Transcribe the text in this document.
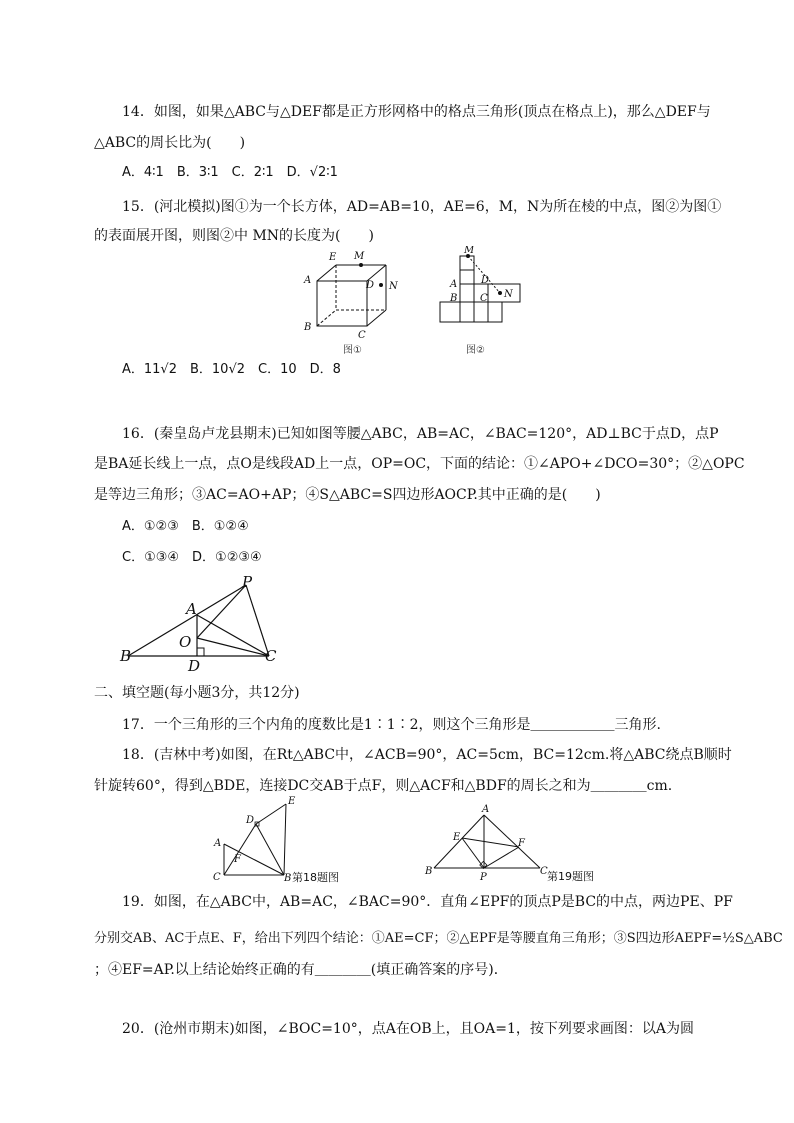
14．如图，如果△ABC与△DEF都是正方形网格中的格点三角形(顶点在格点上)，那么△DEF与
△ABC的周长比为(　　)
A．4∶1　B．3∶1　C．2∶1　D．√2∶1
15．(河北模拟)图①为一个长方体，AD=AB=10，AE=6，M，N为所在棱的中点，图②为图①
的表面展开图，则图②中 MN的长度为(　　)
E M
A	D N
B
C
图①
M
A D
B C N
图②
A．11√2　B．10√2　C．10　D．8
16．(秦皇岛卢龙县期末)已知如图等腰△ABC，AB=AC，∠BAC=120°，AD⊥BC于点D，点P
是BA延长线上一点，点O是线段AD上一点，OP=OC，下面的结论：①∠APO+∠DCO=30°；②△OPC
是等边三角形；③AC=AO+AP；④S△ABC=S四边形AOCP.其中正确的是(　　)
A．①②③　B．①②④
C．①③④　D．①②③④
P
A
O
B
D
C
二、填空题(每小题3分，共12分)
17．一个三角形的三个内角的度数比是1∶1∶2，则这个三角形是＿＿＿＿＿＿三角形.
18．(吉林中考)如图，在Rt△ABC中，∠ACB=90°，AC=5cm，BC=12cm.将△ABC绕点B顺时
针旋转60°，得到△BDE，连接DC交AB于点F，则△ACF和△BDF的周长之和为＿＿＿＿cm.
E
D
A
F
C	B 第18题图
A
E
F
B
P
C 第19题图
19．如图，在△ABC中，AB=AC，∠BAC=90°．直角∠EPF的顶点P是BC的中点，两边PE、PF
分别交AB、AC于点E、F，给出下列四个结论：①AE=CF；②△EPF是等腰直角三角形；③S四边形AEPF=½S△ABC
；④EF=AP.以上结论始终正确的有＿＿＿＿(填正确答案的序号)．
20．(沧州市期末)如图，∠BOC=10°，点A在OB上，且OA=1，按下列要求画图：以A为圆
